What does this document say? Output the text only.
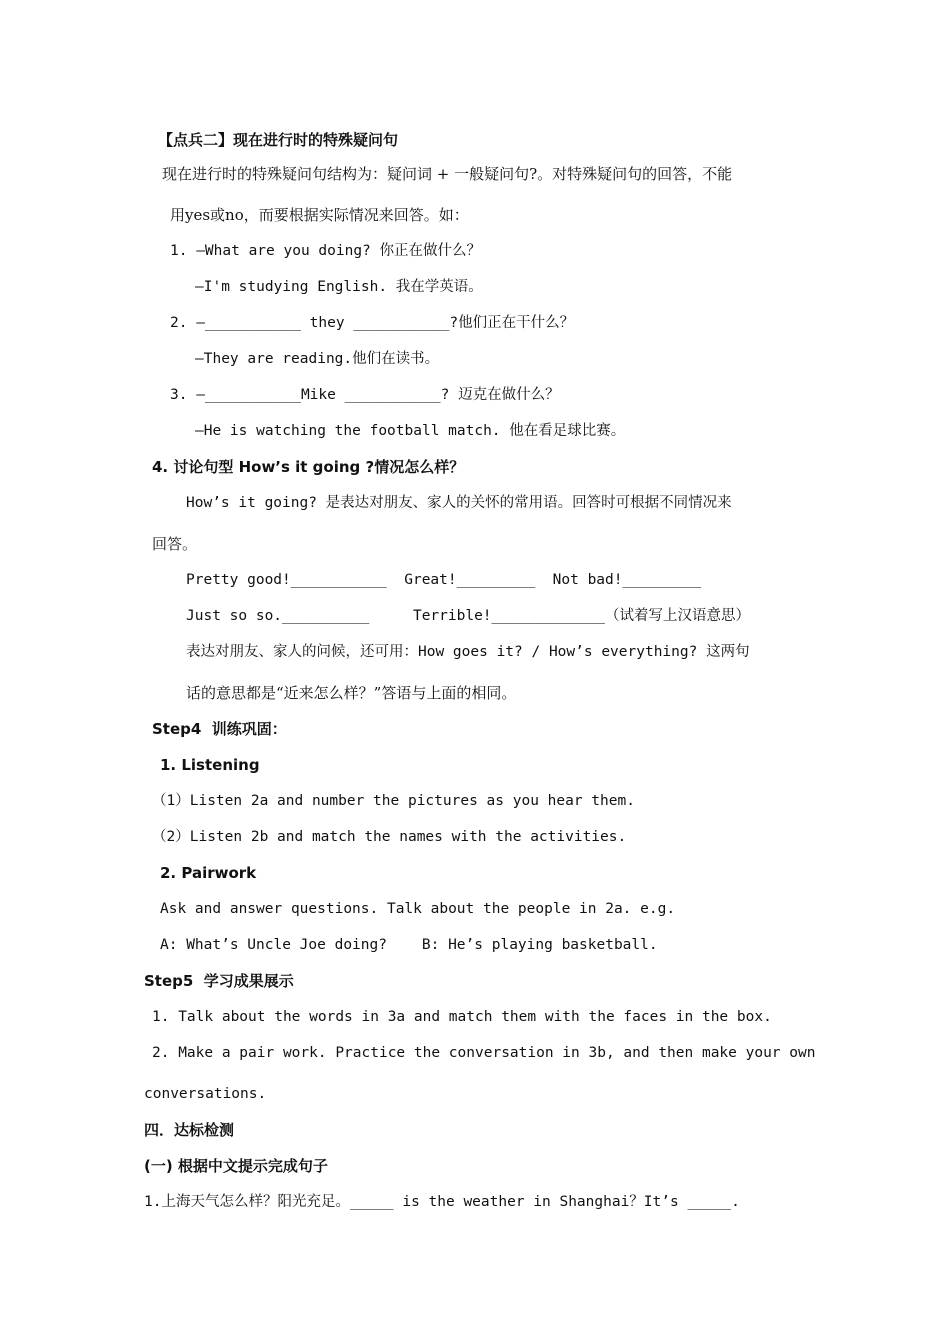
【点兵二】现在进行时的特殊疑问句
现在进行时的特殊疑问句结构为：疑问词 + 一般疑问句?。对特殊疑问句的回答，不能
用yes或no，而要根据实际情况来回答。如：
1. —What are you doing? 你正在做什么？
—I'm studying English. 我在学英语。
2. —___________ they ___________?他们正在干什么？
—They are reading.他们在读书。
3. —___________Mike ___________? 迈克在做什么？
—He is watching the football match. 他在看足球比赛。
4. 讨论句型 How’s it going ?情况怎么样？
How’s it going? 是表达对朋友、家人的关怀的常用语。回答时可根据不同情况来
回答。
Pretty good!___________  Great!_________  Not bad!_________
Just so so.__________     Terrible!_____________（试着写上汉语意思）
表达对朋友、家人的问候，还可用：How goes it? / How’s everything? 这两句
话的意思都是“近来怎么样？”答语与上面的相同。
Step4  训练巩固：
1. Listening
（1）Listen 2a and number the pictures as you hear them.
（2）Listen 2b and match the names with the activities.
2. Pairwork
Ask and answer questions. Talk about the people in 2a. e.g.
A: What’s Uncle Joe doing?    B: He’s playing basketball.
Step5  学习成果展示
1. Talk about the words in 3a and match them with the faces in the box.
2. Make a pair work. Practice the conversation in 3b, and then make your own
conversations.
四．达标检测
(一) 根据中文提示完成句子
1.上海天气怎么样？阳光充足。_____ is the weather in Shanghai？It’s _____.
